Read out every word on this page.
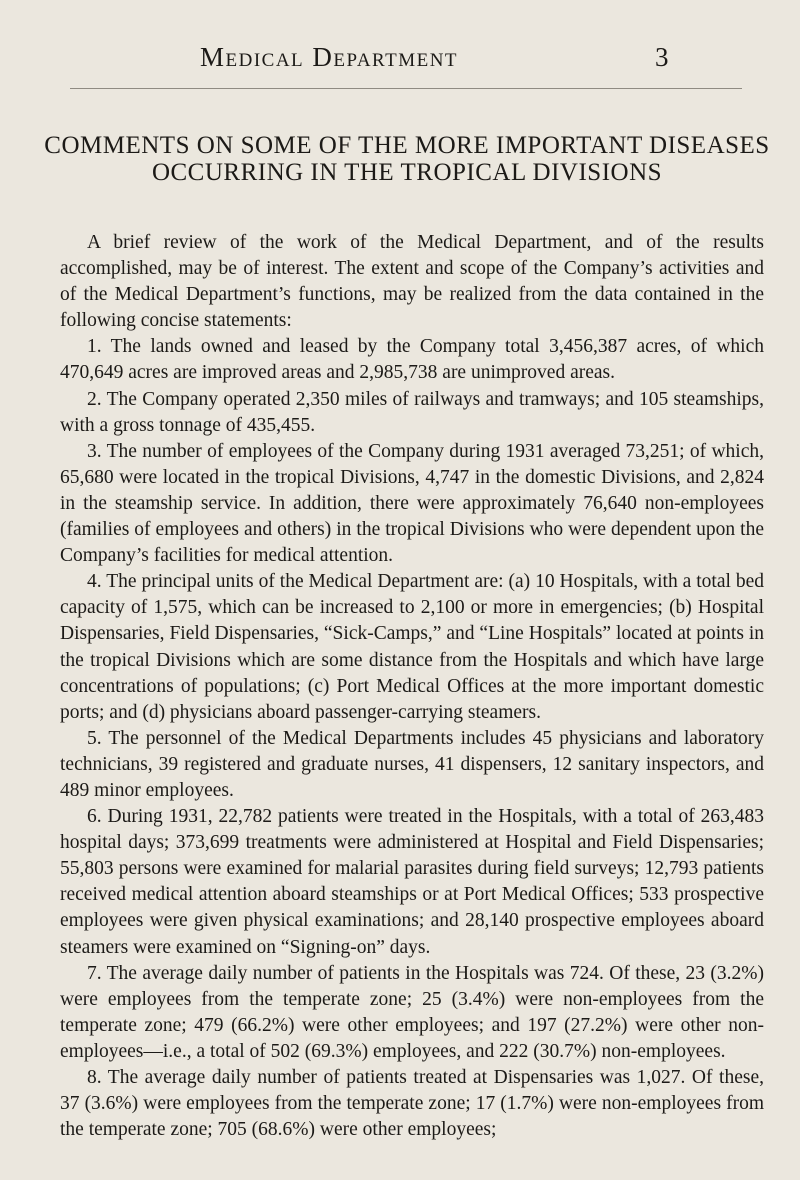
Medical Department	3
COMMENTS ON SOME OF THE MORE IMPORTANT DISEASES OCCURRING IN THE TROPICAL DIVISIONS

A brief review of the work of the Medical Department, and of the results accomplished, may be of interest. The extent and scope of the Company’s activities and of the Medical Department’s functions, may be realized from the data contained in the following concise statements:

1. The lands owned and leased by the Company total 3,456,387 acres, of which 470,649 acres are improved areas and 2,985,738 are unimproved areas.

2. The Company operated 2,350 miles of railways and tramways; and 105 steamships, with a gross tonnage of 435,455.

3. The number of employees of the Company during 1931 averaged 73,251; of which, 65,680 were located in the tropical Divisions, 4,747 in the domestic Divisions, and 2,824 in the steamship service. In addition, there were approximately 76,640 non-employees (families of employees and others) in the tropical Divisions who were dependent upon the Company’s facilities for medical attention.

4. The principal units of the Medical Department are: (a) 10 Hospitals, with a total bed capacity of 1,575, which can be increased to 2,100 or more in emergencies; (b) Hospital Dispensaries, Field Dispensaries, “Sick-Camps,” and “Line Hospitals” located at points in the tropical Divisions which are some distance from the Hospitals and which have large concentrations of populations; (c) Port Medical Offices at the more important domestic ports; and (d) physicians aboard passenger-carrying steamers.

5. The personnel of the Medical Departments includes 45 physicians and laboratory technicians, 39 registered and graduate nurses, 41 dispensers, 12 sanitary inspectors, and 489 minor employees.

6. During 1931, 22,782 patients were treated in the Hospitals, with a total of 263,483 hospital days; 373,699 treatments were administered at Hospital and Field Dispensaries; 55,803 persons were examined for malarial parasites during field surveys; 12,793 patients received medical attention aboard steamships or at Port Medical Offices; 533 prospective employees were given physical examinations; and 28,140 prospective employees aboard steamers were examined on “Signing-on” days.

7. The average daily number of patients in the Hospitals was 724. Of these, 23 (3.2%) were employees from the temperate zone; 25 (3.4%) were non-employees from the temperate zone; 479 (66.2%) were other employees; and 197 (27.2%) were other non-employees—i.e., a total of 502 (69.3%) employees, and 222 (30.7%) non-employees.

8. The average daily number of patients treated at Dispensaries was 1,027. Of these, 37 (3.6%) were employees from the temperate zone; 17 (1.7%) were non-employees from the temperate zone; 705 (68.6%) were other employees;
